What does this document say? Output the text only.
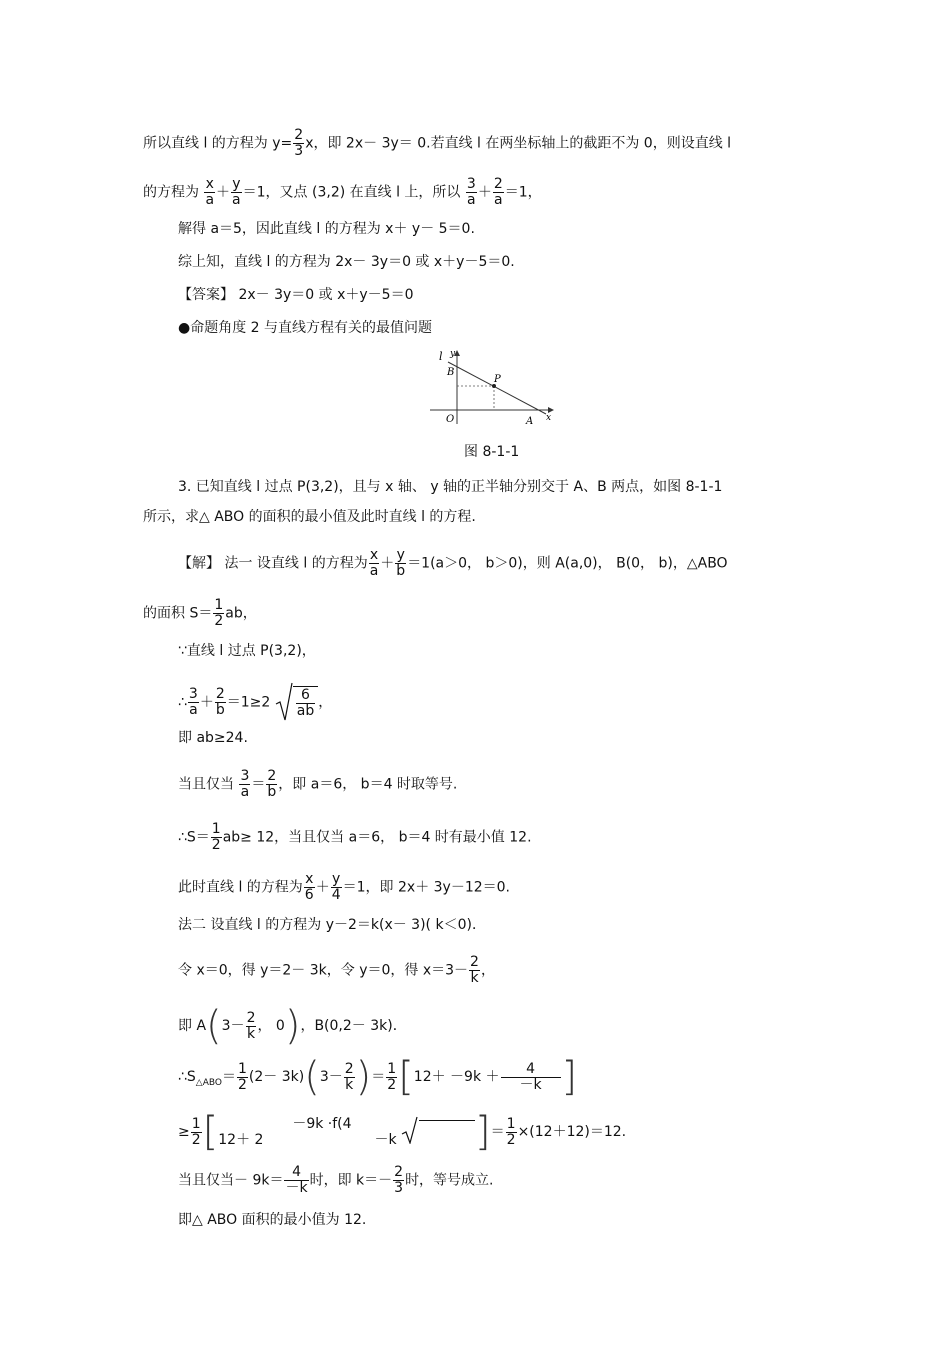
所以直线 l 的方程为 $y= \frac{2}{3}$ x，即 2x－ 3y＝ 0.若直线 l 在两坐标轴上的截距不为 0，则设直线 l
的方程为 $\frac{x}{a} + \frac{y}{a} =1$，又点 (3,2) 在直线 l 上，所以 $\frac{3}{a} + \frac{2}{a} =1$，
解得 a＝5，因此直线 l 的方程为 x＋ y－ 5＝0.
综上知，直线 l 的方程为 2x－ 3y＝0 或 x＋y－5＝0.
【答案】 2x－ 3y＝0 或 x＋y－5＝0
●命题角度 2 与直线方程有关的最值问题
l y
B
P
O	A x
图 8-1-1
3. 已知直线 l 过点 P(3,2)，且与 x 轴、 y 轴的正半轴分别交于 A、B 两点，如图 8-1-1
所示，求△ ABO 的面积的最小值及此时直线 l 的方程.
【解】 法一 设直线 l 的方程为 $\frac{x}{a} + \frac{y}{b} =1(a>0$， b＞0)，则 A(a,0)， B(0， b)，△ABO
的面积 $S= \frac{1}{2}$ ab，
∵直线 l 过点 P(3,2)，
∴ $\frac{3}{a} + \frac{2}{b} =1\ge 2 \frac{6}{ab}$ ，
即 ab≥24.
当且仅当 $\frac{3}{a} = \frac{2}{b}$ ，即 a＝6， b＝4 时取等号.
∴S＝ $\frac{1}{2} ab\ge 12$，当且仅当 a＝6， b＝4 时有最小值 12.
此时直线 l 的方程为 $\frac{x}{6} + \frac{y}{4} =1$，即 2x＋ 3y－12＝0.
法二 设直线 l 的方程为 y－2＝k(x－ 3)( k＜0)．
令 x＝0，得 y＝2－ 3k，令 y＝0，得 $x=3- \frac{2}{k}$ ，
即 $A(3- \frac{2}{k}$ ， 0)，B(0,2－ 3k)．
$\therefore S_{\triangle ABO}= \frac{1}{2} (2- 3k)(3- \frac{2}{k}$ )＝ $\frac{1}{2} [12+ -9k + \frac{4}{-k}$ ]
≥ $\frac{1}{2} [12+ 2 -9k \cdot f(4 -k$ ]＝ $\frac{1}{2} \times(12+12)=12$.
当且仅当－ $9k= \frac{4}{-k}$ 时，即 $k=- \frac{2}{3}$ 时，等号成立.
即△ ABO 面积的最小值为 12.
